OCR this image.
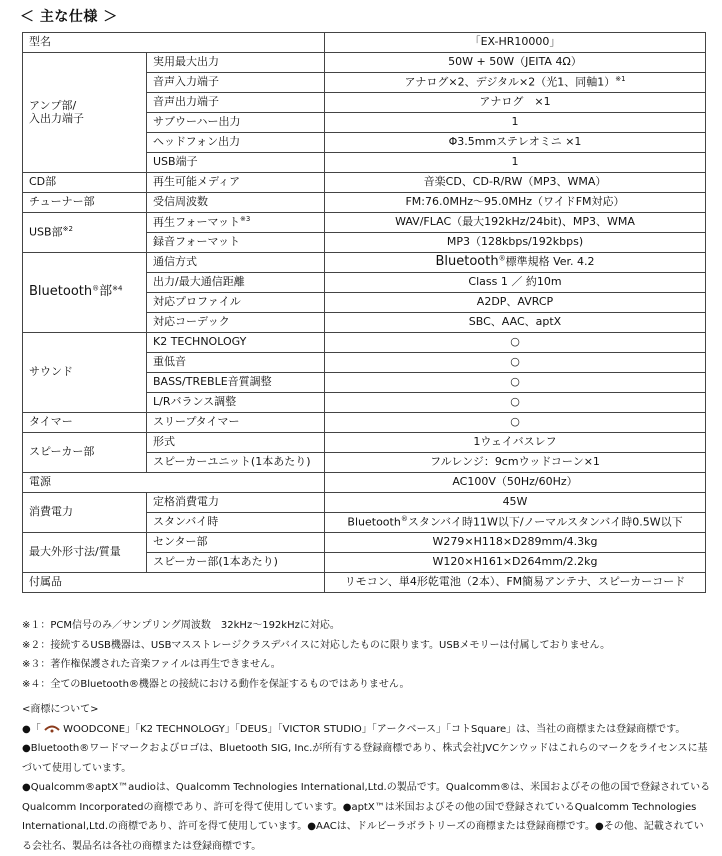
＜ 主な仕様 ＞
型名		「EX-HR10000」

アンプ部/
入出力端子	実用最大出力	50W + 50W（JEITA 4Ω）
	音声入力端子	アナログ×2、デジタル×2（光1、同軸1）$^{※1}$
	音声出力端子	アナログ　×1
	サブウーハー出力	1
	ヘッドフォン出力	Φ3.5mmステレオミニ ×1
	USB端子	1
CD部	再生可能メディア	音楽CD、CD-R/RW（MP3、WMA）
チューナー部	受信周波数	FM:76.0MHz〜95.0MHz（ワイドFM対応）
USB部$^{※2}$	再生フォーマット$^{※3}$	WAV/FLAC（最大192kHz/24bit)、MP3、WMA
	録音フォーマット	MP3（128kbps/192kbps)
Bluetooth®部$^{※4}$	通信方式	Bluetooth®標準規格 Ver. 4.2
	出力/最大通信距離	Class 1 ／ 約10m
	対応プロファイル	A2DP、AVRCP
	対応コーデック	SBC、AAC、aptX
サウンド	K2 TECHNOLOGY	○
	重低音	○
	BASS/TREBLE音質調整	○
	L/Rバランス調整	○
タイマー	スリープタイマー	○
スピーカー部	形式	1ウェイバスレフ
	スピーカーユニット(1本あたり)	フルレンジ：9cmウッドコーン×1
電源		AC100V（50Hz/60Hz）
消費電力	定格消費電力	45W
	スタンバイ時	Bluetooth®スタンバイ時11W以下/ノーマルスタンバイ時0.5W以下
最大外形寸法/質量	センター部	W279×H118×D289mm/4.3kg
	スピーカー部(1本あたり)	W120×H161×D264mm/2.2kg
付属品		リモコン、単4形乾電池（2本）、FM簡易アンテナ、スピーカーコード
※１：PCM信号のみ／サンプリング周波数　32kHz〜192kHzに対応。
※２：接続するUSB機器は、USBマスストレージクラスデバイスに対応したものに限ります。USBメモリーは付属しておりません。
※３：著作権保護された音楽ファイルは再生できません。
※４：全てのBluetooth®機器との接続における動作を保証するものではありません。
<商標について>
●「 WOODCONE」「K2 TECHNOLOGY」「DEUS」「VICTOR STUDIO」「アークベース」「コトSquare」は、当社の商標または登録商標です。
●Bluetooth®ワードマークおよびロゴは、Bluetooth SIG, Inc.が所有する登録商標であり、株式会社JVCケンウッドはこれらのマークをライセンスに基づいて使用しています。
●Qualcomm®aptX™audioは、Qualcomm Technologies International,Ltd.の製品です。Qualcomm®は、米国およびその他の国で登録されているQualcomm Incorporatedの商標であり、許可を得て使用しています。●aptX™は米国およびその他の国で登録されているQualcomm Technologies International,Ltd.の商標であり、許可を得て使用しています。●AACは、ドルビーラボラトリーズの商標または登録商標です。●その他、記載されている会社名、製品名は各社の商標または登録商標です。
